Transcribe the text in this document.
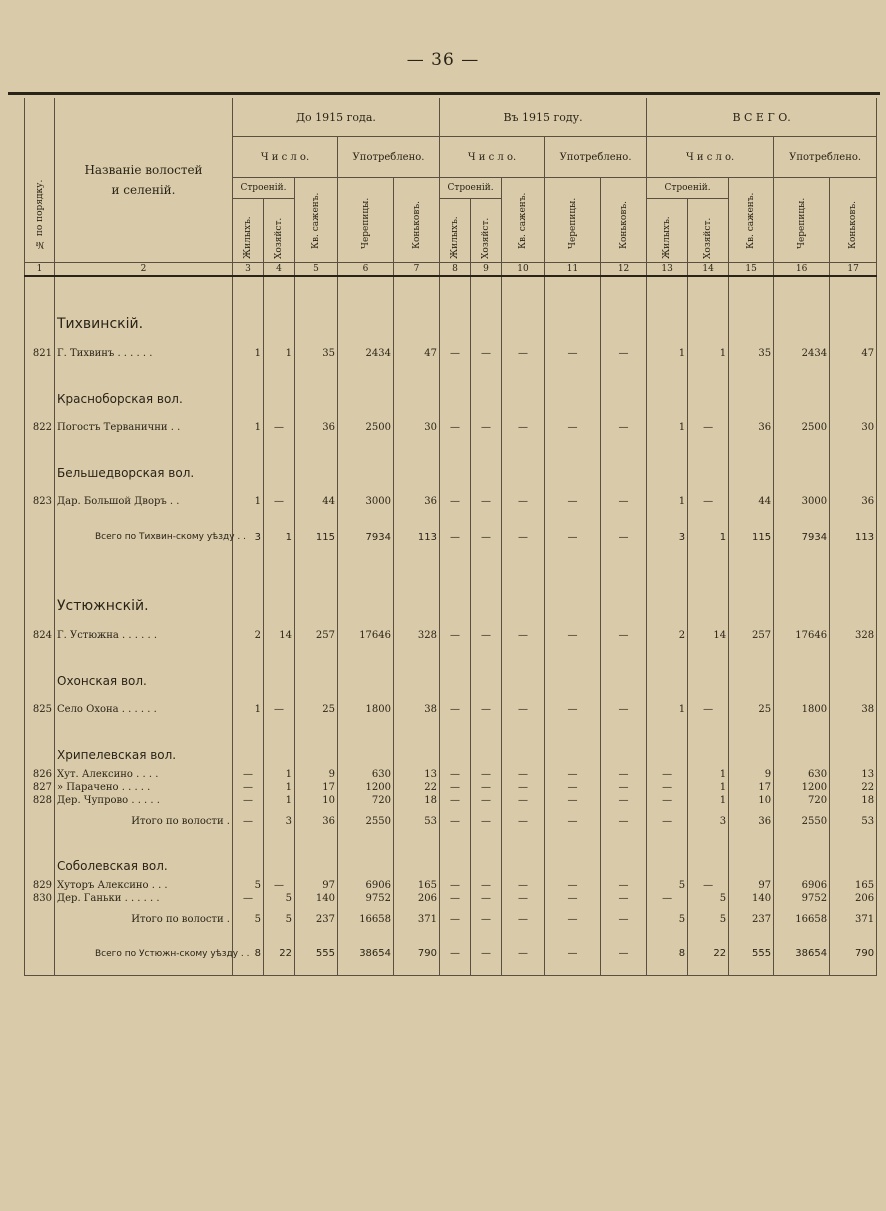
— 36 —
№ по порядку.	Названіе волостей
и селеній.	До 1915 года.					Въ 1915 году.					В С Е Г О.				
		Ч и с л о.			Употреблено.		Ч и с л о.			Употреблено.		Ч и с л о.			Употреблено.	
		Строеній.		Кв. саженъ.	Черепицы.	Коньковъ.	Строеній.		Кв. саженъ.	Черепицы.	Коньковъ.	Строеній.		Кв. саженъ.	Черепицы.	Коньковъ.
		Жилыхъ.	Хозяйст.				Жилыхъ.	Хозяйст.				Жилыхъ.	Хозяйст.			
1	2	3	4	5	6	7	8	9	10	11	12	13	14	15	16	17
	Тихвинскій.															
821	Г. Тихвинъ . . . . . .	1	1	35	2434	47	—	—	—	—	—	1	1	35	2434	47
	Красноборская вол.															
822	Погостъ Терванични . .	1	—	36	2500	30	—	—	—	—	—	1	—	36	2500	30
	Бельшедворская вол.															
823	Дар. Большой Дворъ . .	1	—	44	3000	36	—	—	—	—	—	1	—	44	3000	36
	Всего по Тихвин-скому уѣзду . .	3	1	115	7934	113	—	—	—	—	—	3	1	115	7934	113
	Устюжнскій.															
824	Г. Устюжна . . . . . .	2	14	257	17646	328	—	—	—	—	—	2	14	257	17646	328
	Охонская вол.															
825	Село Охона . . . . . .	1	—	25	1800	38	—	—	—	—	—	1	—	25	1800	38
	Хрипелевская вол.															
826	Хут. Алексино . . . .	—	1	9	630	13	—	—	—	—	—	—	1	9	630	13
827	» Парачено . . . . .	—	1	17	1200	22	—	—	—	—	—	—	1	17	1200	22
828	Дер. Чупрово . . . . .	—	1	10	720	18	—	—	—	—	—	—	1	10	720	18
	Итого по волости .	—	3	36	2550	53	—	—	—	—	—	—	3	36	2550	53
	Соболевская вол.															
829	Хуторъ Алексино . . .	5	—	97	6906	165	—	—	—	—	—	5	—	97	6906	165
830	Дер. Ганьки . . . . . .	—	5	140	9752	206	—	—	—	—	—	—	5	140	9752	206
	Итого по волости .	5	5	237	16658	371	—	—	—	—	—	5	5	237	16658	371
	Всего по Устюжн-скому уѣзду . .	8	22	555	38654	790	—	—	—	—	—	8	22	555	38654	790
